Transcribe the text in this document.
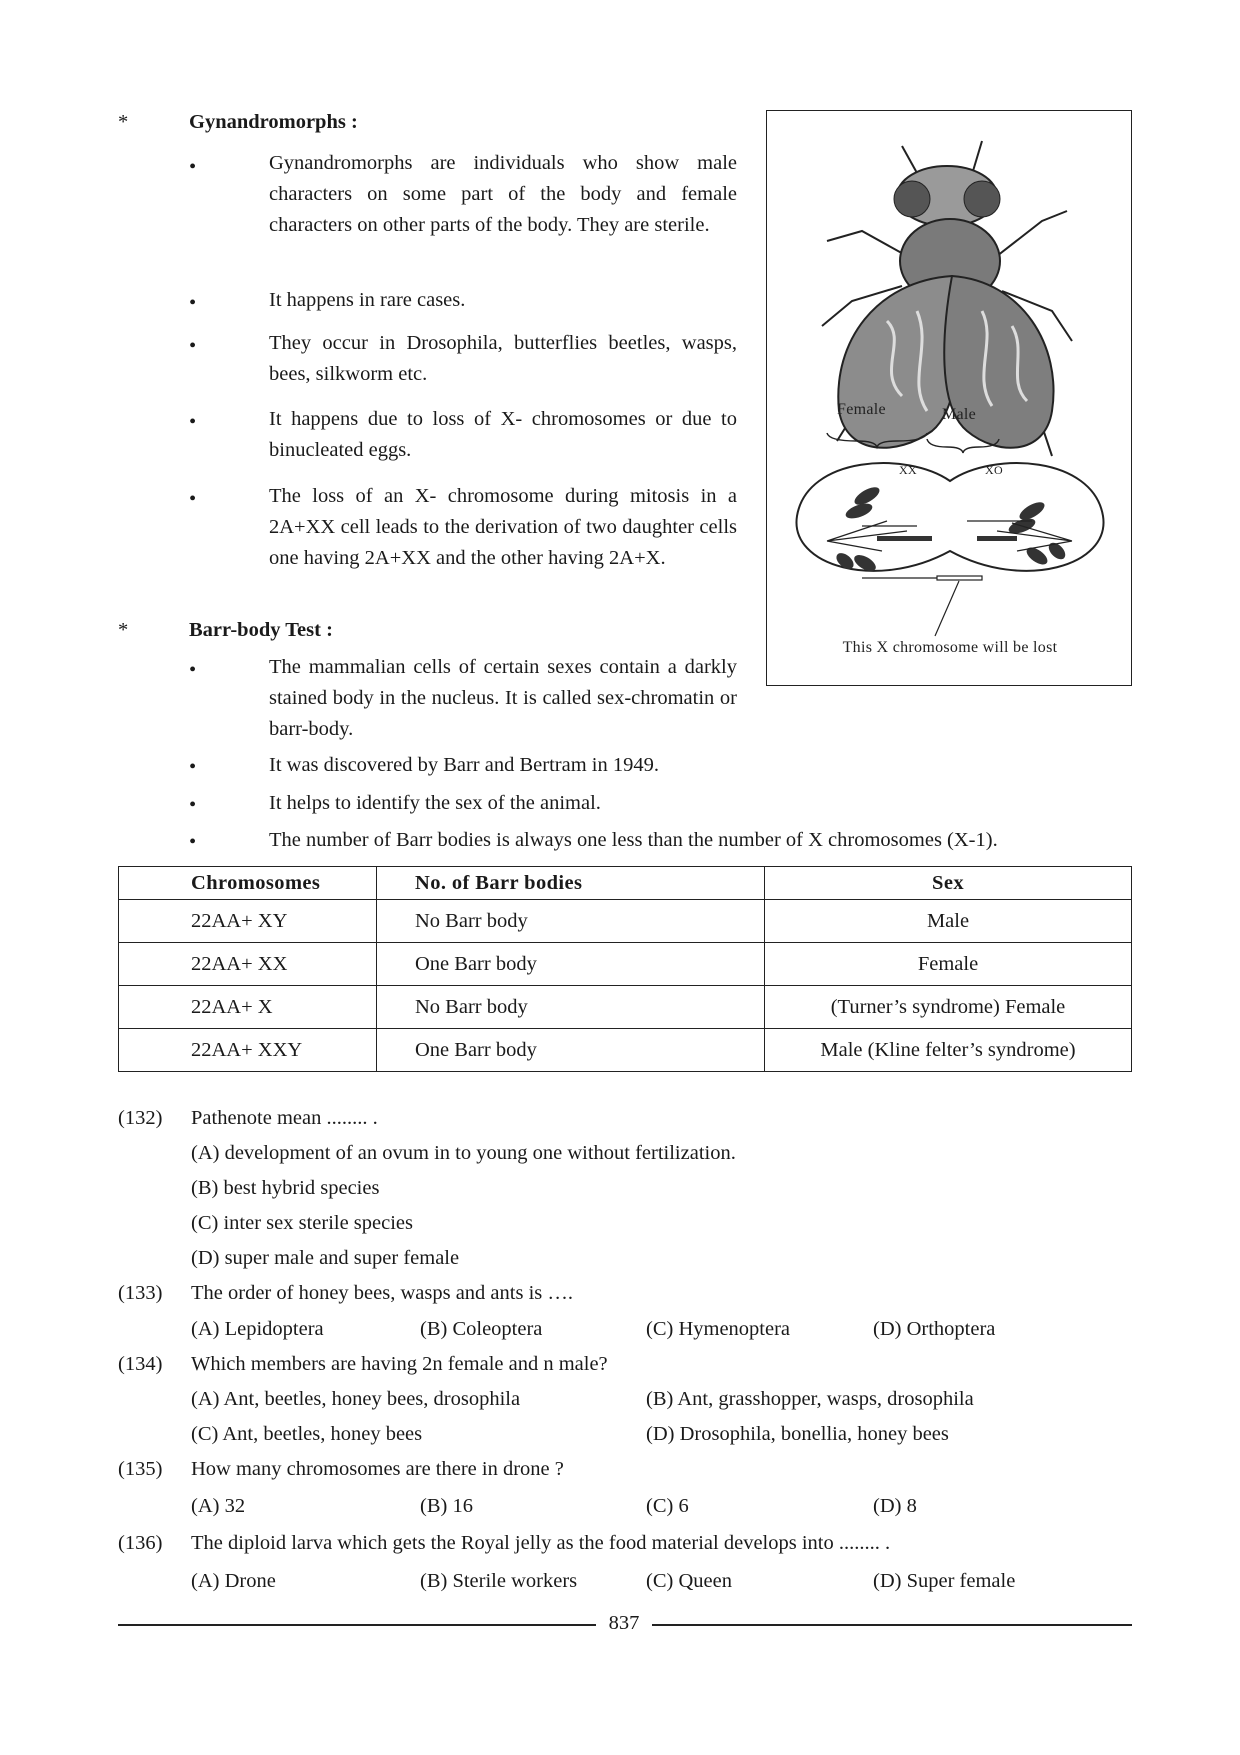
*	Gynandromorphs :
•	Gynandromorphs are individuals who show male characters on some part of the body and female characters on other parts of the body. They are sterile.
•	It happens in rare cases.
•	They occur in Drosophila, butterflies beetles, wasps, bees, silkworm etc.
•	It happens due to loss of X- chromosomes or due to binucleated eggs.
•	The loss of an X- chromosome during mitosis in a 2A+XX cell leads to the derivation of two daughter cells one having 2A+XX and the other having 2A+X.
*	Barr-body Test :
•	The mammalian cells of certain sexes contain a darkly stained body in the nucleus. It is called sex-chromatin or barr-body.
•	It was discovered by Barr and Bertram in 1949.
•	It helps to identify the sex of the animal.
•	The number of Barr bodies is always one less than the number of X chromosomes (X-1).
Female	Male
XX	XO
This X chromosome will be lost
Chromosomes	No. of Barr bodies	Sex
22AA+ XY	No Barr body	Male
22AA+ XX	One Barr body	Female
22AA+ X	No Barr body	(Turner’s syndrome) Female
22AA+ XXY	One Barr body	Male (Kline felter’s syndrome)
(132) Pathenote mean ........ .
(A) development of an ovum in to young one without fertilization.
(B) best hybrid species
(C) inter sex sterile species
(D) super male and super female
(133) The order of honey bees, wasps and ants is ….
(A) Lepidoptera	(B) Coleoptera	(C) Hymenoptera	(D) Orthoptera
(134) Which members are having 2n female and n male?
(A) Ant, beetles, honey bees, drosophila	(B) Ant, grasshopper, wasps, drosophila
(C) Ant, beetles, honey bees	(D) Drosophila, bonellia, honey bees
(135) How many chromosomes are there in drone ?
(A) 32	(B) 16	(C) 6	(D) 8
(136) The diploid larva which gets the Royal jelly as the food material develops into ........ .
(A) Drone	(B) Sterile workers	(C) Queen	(D) Super female
837
